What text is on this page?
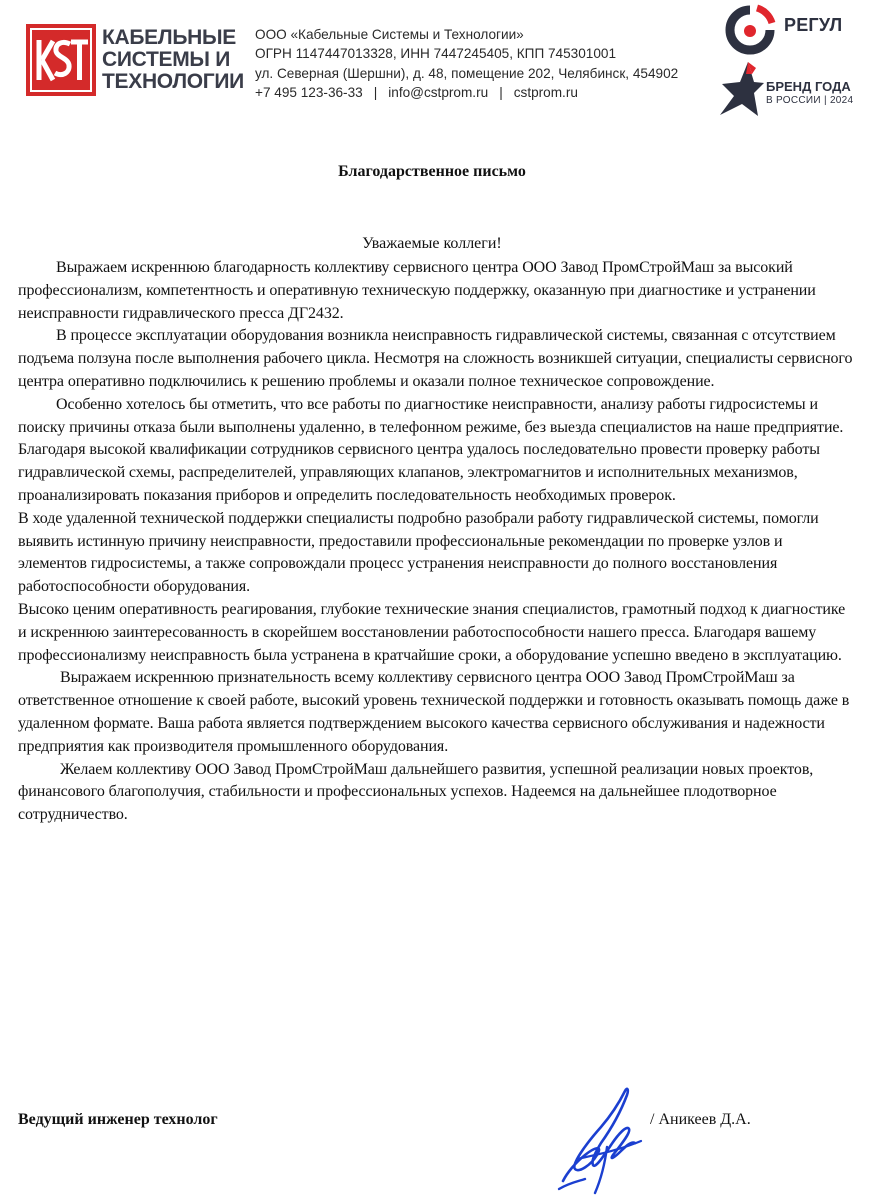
КАБЕЛЬНЫЕ
СИСТЕМЫ И
ТЕХНОЛОГИИ
ООО «Кабельные Системы и Технологии»
ОГРН 1147447013328, ИНН 7447245405, КПП 745301001
ул. Северная (Шершни), д. 48, помещение 202, Челябинск, 454902
+7 495 123-36-33 | info@cstprom.ru | cstprom.ru
РЕГУЛ
БРЕНД ГОДА
В РОССИИ | 2024
Благодарственное письмо
Уважаемые коллеги!

Выражаем искреннюю благодарность коллективу сервисного центра ООО Завод ПромСтройМаш за высокий профессионализм, компетентность и оперативную техническую поддержку, оказанную при диагностике и устранении неисправности гидравлического пресса ДГ2432.

В процессе эксплуатации оборудования возникла неисправность гидравлической системы, связанная с отсутствием подъема ползуна после выполнения рабочего цикла. Несмотря на сложность возникшей ситуации, специалисты сервисного центра оперативно подключились к решению проблемы и оказали полное техническое сопровождение.

Особенно хотелось бы отметить, что все работы по диагностике неисправности, анализу работы гидросистемы и поиску причины отказа были выполнены удаленно, в телефонном режиме, без выезда специалистов на наше предприятие. Благодаря высокой квалификации сотрудников сервисного центра удалось последовательно провести проверку работы гидравлической схемы, распределителей, управляющих клапанов, электромагнитов и исполнительных механизмов, проанализировать показания приборов и определить последовательность необходимых проверок.

В ходе удаленной технической поддержки специалисты подробно разобрали работу гидравлической системы, помогли выявить истинную причину неисправности, предоставили профессиональные рекомендации по проверке узлов и элементов гидросистемы, а также сопровождали процесс устранения неисправности до полного восстановления работоспособности оборудования.

Высоко ценим оперативность реагирования, глубокие технические знания специалистов, грамотный подход к диагностике и искреннюю заинтересованность в скорейшем восстановлении работоспособности нашего пресса. Благодаря вашему профессионализму неисправность была устранена в кратчайшие сроки, а оборудование успешно введено в эксплуатацию.

Выражаем искреннюю признательность всему коллективу сервисного центра ООО Завод ПромСтройМаш за ответственное отношение к своей работе, высокий уровень технической поддержки и готовность оказывать помощь даже в удаленном формате. Ваша работа является подтверждением высокого качества сервисного обслуживания и надежности предприятия как производителя промышленного оборудования.

Желаем коллективу ООО Завод ПромСтройМаш дальнейшего развития, успешной реализации новых проектов, финансового благополучия, стабильности и профессиональных успехов. Надеемся на дальнейшее плодотворное сотрудничество.

Ведущий инженер технолог	/ Аникеев Д.А.
